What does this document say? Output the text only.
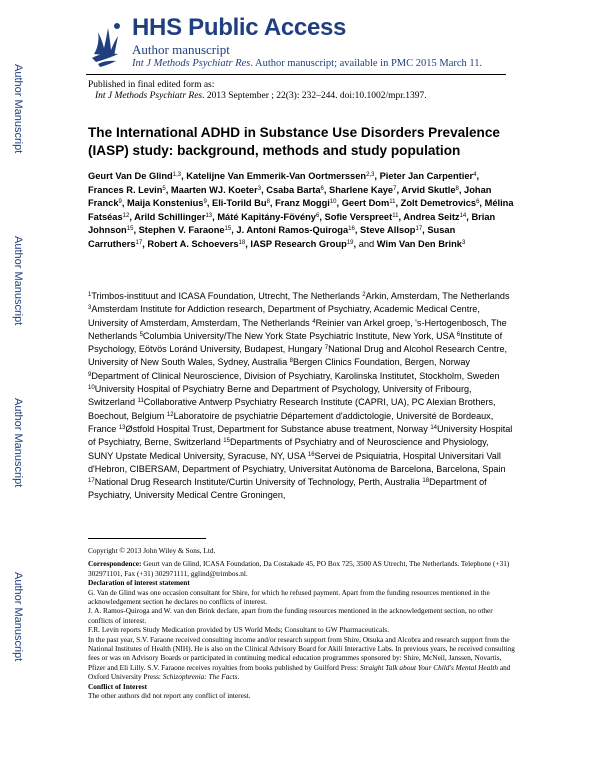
HHS Public Access
Author manuscript
Int J Methods Psychiatr Res. Author manuscript; available in PMC 2015 March 11.
Published in final edited form as:
Int J Methods Psychiatr Res. 2013 September ; 22(3): 232–244. doi:10.1002/mpr.1397.
Author Manuscript
Author Manuscript
Author Manuscript
Author Manuscript
The International ADHD in Substance Use Disorders Prevalence (IASP) study: background, methods and study population
Geurt Van De Glind$^{1,3}$, Katelijne Van Emmerik-Van Oortmerssen$^{2,3}$, Pieter Jan Carpentier$^4$, Frances R. Levin$^5$, Maarten WJ. Koeter$^3$, Csaba Barta$^6$, Sharlene Kaye$^7$, Arvid Skutle$^8$, Johan Franck$^9$, Maija Konstenius$^9$, Eli-Torild Bu$^8$, Franz Moggi$^{10}$, Geert Dom$^{11}$, Zolt Demetrovics$^6$, Mélina Fatséas$^{12}$, Arild Schillinger$^{13}$, Máté Kapitány-Fövény$^6$, Sofie Verspreet$^{11}$, Andrea Seitz$^{14}$, Brian Johnson$^{15}$, Stephen V. Faraone$^{15}$, J. Antoni Ramos-Quiroga$^{16}$, Steve Allsop$^{17}$, Susan Carruthers$^{17}$, Robert A. Schoevers$^{18}$, IASP Research Group$^{19}$, and Wim Van Den Brink$^3$
$^1$Trimbos-instituut and ICASA Foundation, Utrecht, The Netherlands $^2$Arkin, Amsterdam, The Netherlands $^3$Amsterdam Institute for Addiction research, Department of Psychiatry, Academic Medical Centre, University of Amsterdam, Amsterdam, The Netherlands $^4$Reinier van Arkel groep, 's-Hertogenbosch, The Netherlands $^5$Columbia University/The New York State Psychiatric Institute, New York, USA $^6$Institute of Psychology, Eötvös Loránd University, Budapest, Hungary $^7$National Drug and Alcohol Research Centre, University of New South Wales, Sydney, Australia $^8$Bergen Clinics Foundation, Bergen, Norway $^9$Department of Clinical Neuroscience, Division of Psychiatry, Karolinska Institutet, Stockholm, Sweden $^{10}$University Hospital of Psychiatry Berne and Department of Psychology, University of Fribourg, Switzerland $^{11}$Collaborative Antwerp Psychiatry Research Institute (CAPRI, UA), PC Alexian Brothers, Boechout, Belgium $^{12}$Laboratoire de psychiatrie Département d'addictologie, Université de Bordeaux, France $^{13}$Østfold Hospital Trust, Department for Substance abuse treatment, Norway $^{14}$University Hospital of Psychiatry, Berne, Switzerland $^{15}$Departments of Psychiatry and of Neuroscience and Physiology, SUNY Upstate Medical University, Syracuse, NY, USA $^{16}$Servei de Psiquiatria, Hospital Universitari Vall d'Hebron, CIBERSAM, Department of Psychiatry, Universitat Autònoma de Barcelona, Barcelona, Spain $^{17}$National Drug Research Institute/Curtin University of Technology, Perth, Australia $^{18}$Department of Psychiatry, University Medical Centre Groningen,

Copyright © 2013 John Wiley & Sons, Ltd.

Correspondence: Geurt van de Glind, ICASA Foundation, Da Costakade 45, PO Box 725, 3500 AS Utrecht, The Netherlands. Telephone (+31) 302971101, Fax (+31) 302971111, gglind@trimbos.nl.

Declaration of interest statement

G. Van de Glind was one occasion consultant for Shire, for which he refused payment. Apart from the funding resources mentioned in the acknowledgement section he declares no conflicts of interest.

J. A. Ramos-Quiroga and W. van den Brink declare, apart from the funding resources mentioned in the acknowledgement section, no other conflicts of interest.

F.R. Levin reports Study Medication provided by US World Meds; Consultant to GW Pharmaceuticals.

In the past year, S.V. Faraone received consulting income and/or research support from Shire, Otsuka and Alcobra and research support from the National Institutes of Health (NIH). He is also on the Clinical Advisory Board for Akili Interactive Labs. In previous years, he received consulting fees or was on Advisory Boards or participated in continuing medical education programmes sponsored by: Shire, McNeil, Janssen, Novartis, Pfizer and Eli Lilly. S.V. Faraone receives royalties from books published by Guilford Press: Straight Talk about Your Child's Mental Health and Oxford University Press: Schizophrenia: The Facts.

Conflict of Interest

The other authors did not report any conflict of interest.
